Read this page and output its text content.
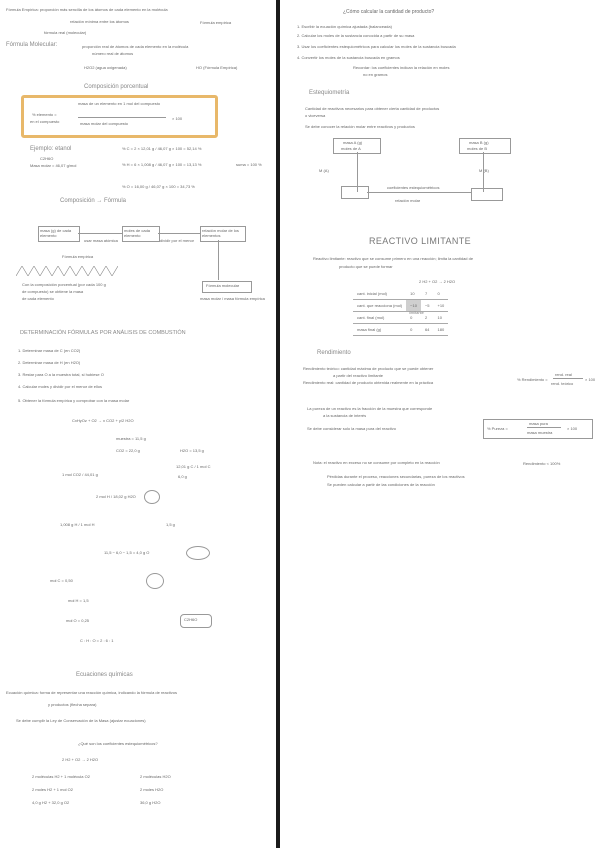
Fórmula Empírica: proporción más sencilla de los átomos de cada elemento en la molécula
relación mínima entre los átomos	Fórmula empírica
fórmula real (molecular)
Fórmula Molecular:	proporción real de átomos de cada elemento en la molécula
número real de átomos
H2O2 (agua oxigenada)	HO (Fórmula Empírica)
Composición porcentual
masa de un elemento en 1 mol del compuesto
% elemento =
en el compuesto	masa molar del compuesto
× 100
Ejemplo: etanol
C2H6O
Masa molar = 46,07 g/mol
% C = 2 × 12,01 g / 46,07 g × 100 = 52,14 %
% H = 6 × 1,008 g / 46,07 g × 100 = 13,13 %
% O = 16,00 g / 46,07 g × 100 = 34,73 %
suma = 100 %
Composición → Fórmula
masa (g) de cada elemento
moles de cada elemento
relación molar de los elementos
usar masa atómica	dividir por el menor
Fórmula empírica
Con la composición porcentual (por cada 100 g
de compuesto) se obtiene la masa
de cada elemento
Fórmula molecular
masa molar / masa fórmula empírica
DETERMINACIÓN FÓRMULAS POR ANÁLISIS DE COMBUSTIÓN
1. Determinar masa de C (en CO2)
2. Determinar masa de H (en H2O)
3. Restar para O a la muestra total, si hubiese O
4. Calcular moles y dividir por el menor de ellos
5. Obtener la fórmula empírica y comprobar con la masa molar
CxHyOz + O2 → x CO2 + y/2 H2O
muestra = 11,5 g
CO2 = 22,0 g	H2O = 13,5 g
1 mol CO2 / 44,01 g
12,01 g C / 1 mol C
6,0 g
2 mol H / 18,02 g H2O
1,008 g H / 1 mol H	1,5 g
11,5 − 6,0 − 1,5 = 4,0 g O
mol C = 0,50
mol H = 1,5
mol O = 0,25	C2H6O
C : H : O = 2 : 6 : 1
Ecuaciones químicas
Ecuación química: forma de representar una reacción química, indicando la fórmula de reactivos
y productos (flecha separa)
Se debe cumplir la Ley de Conservación de la Masa (ajustar ecuaciones)
¿Qué son los coeficientes estequiométricos?
2 H2 + O2 → 2 H2O
2 moléculas H2 + 1 molécula O2	2 moléculas H2O
2 moles H2 + 1 mol O2	2 moles H2O
4,0 g H2 + 32,0 g O2	36,0 g H2O
¿Cómo calcular la cantidad de producto?
1. Escribir la ecuación química ajustada (balanceada)
2. Calcular los moles de la sustancia conocida a partir de su masa
3. Usar los coeficientes estequiométricos para calcular los moles de la sustancia buscada
4. Convertir los moles de la sustancia buscada en gramos
Recordar: los coeficientes indican la relación en moles
no en gramos
Estequiometría
Cantidad de reactivos necesarios para obtener cierta cantidad de productos
o viceversa
Se debe conocer la relación molar entre reactivos y productos
masa A (g)
moles de A
masa B (g)
moles de B
M (A)	M (B)
coeficientes estequiométricos
relación molar
REACTIVO LIMITANTE
Reactivo limitante: reactivo que se consume primero en una reacción; limita la cantidad de
producto que se puede formar
2 H2 + O2 → 2 H2O
cant. inicial (mol)	10	7	0
cant. que reacciona (mol)	−10	−5	+10
cant. final (mol)	0	2	10
masa final (g)	0	64	180
limitante
Rendimiento
Rendimiento teórico: cantidad máxima de producto que se puede obtener
a partir del reactivo limitante
Rendimiento real: cantidad de producto obtenida realmente en la práctica
% Rendimiento =
rend. real
rend. teórico
× 100
La pureza de un reactivo es la fracción de la muestra que corresponde
a la sustancia de interés
Se debe considerar solo la masa pura del reactivo	% Pureza =
masa pura
masa muestra
× 100
Nota: el reactivo en exceso no se consume por completo en la reacción	Rendimiento < 100%
Pérdidas durante el proceso, reacciones secundarias, pureza de los reactivos
Se pueden calcular a partir de las condiciones de la reacción
